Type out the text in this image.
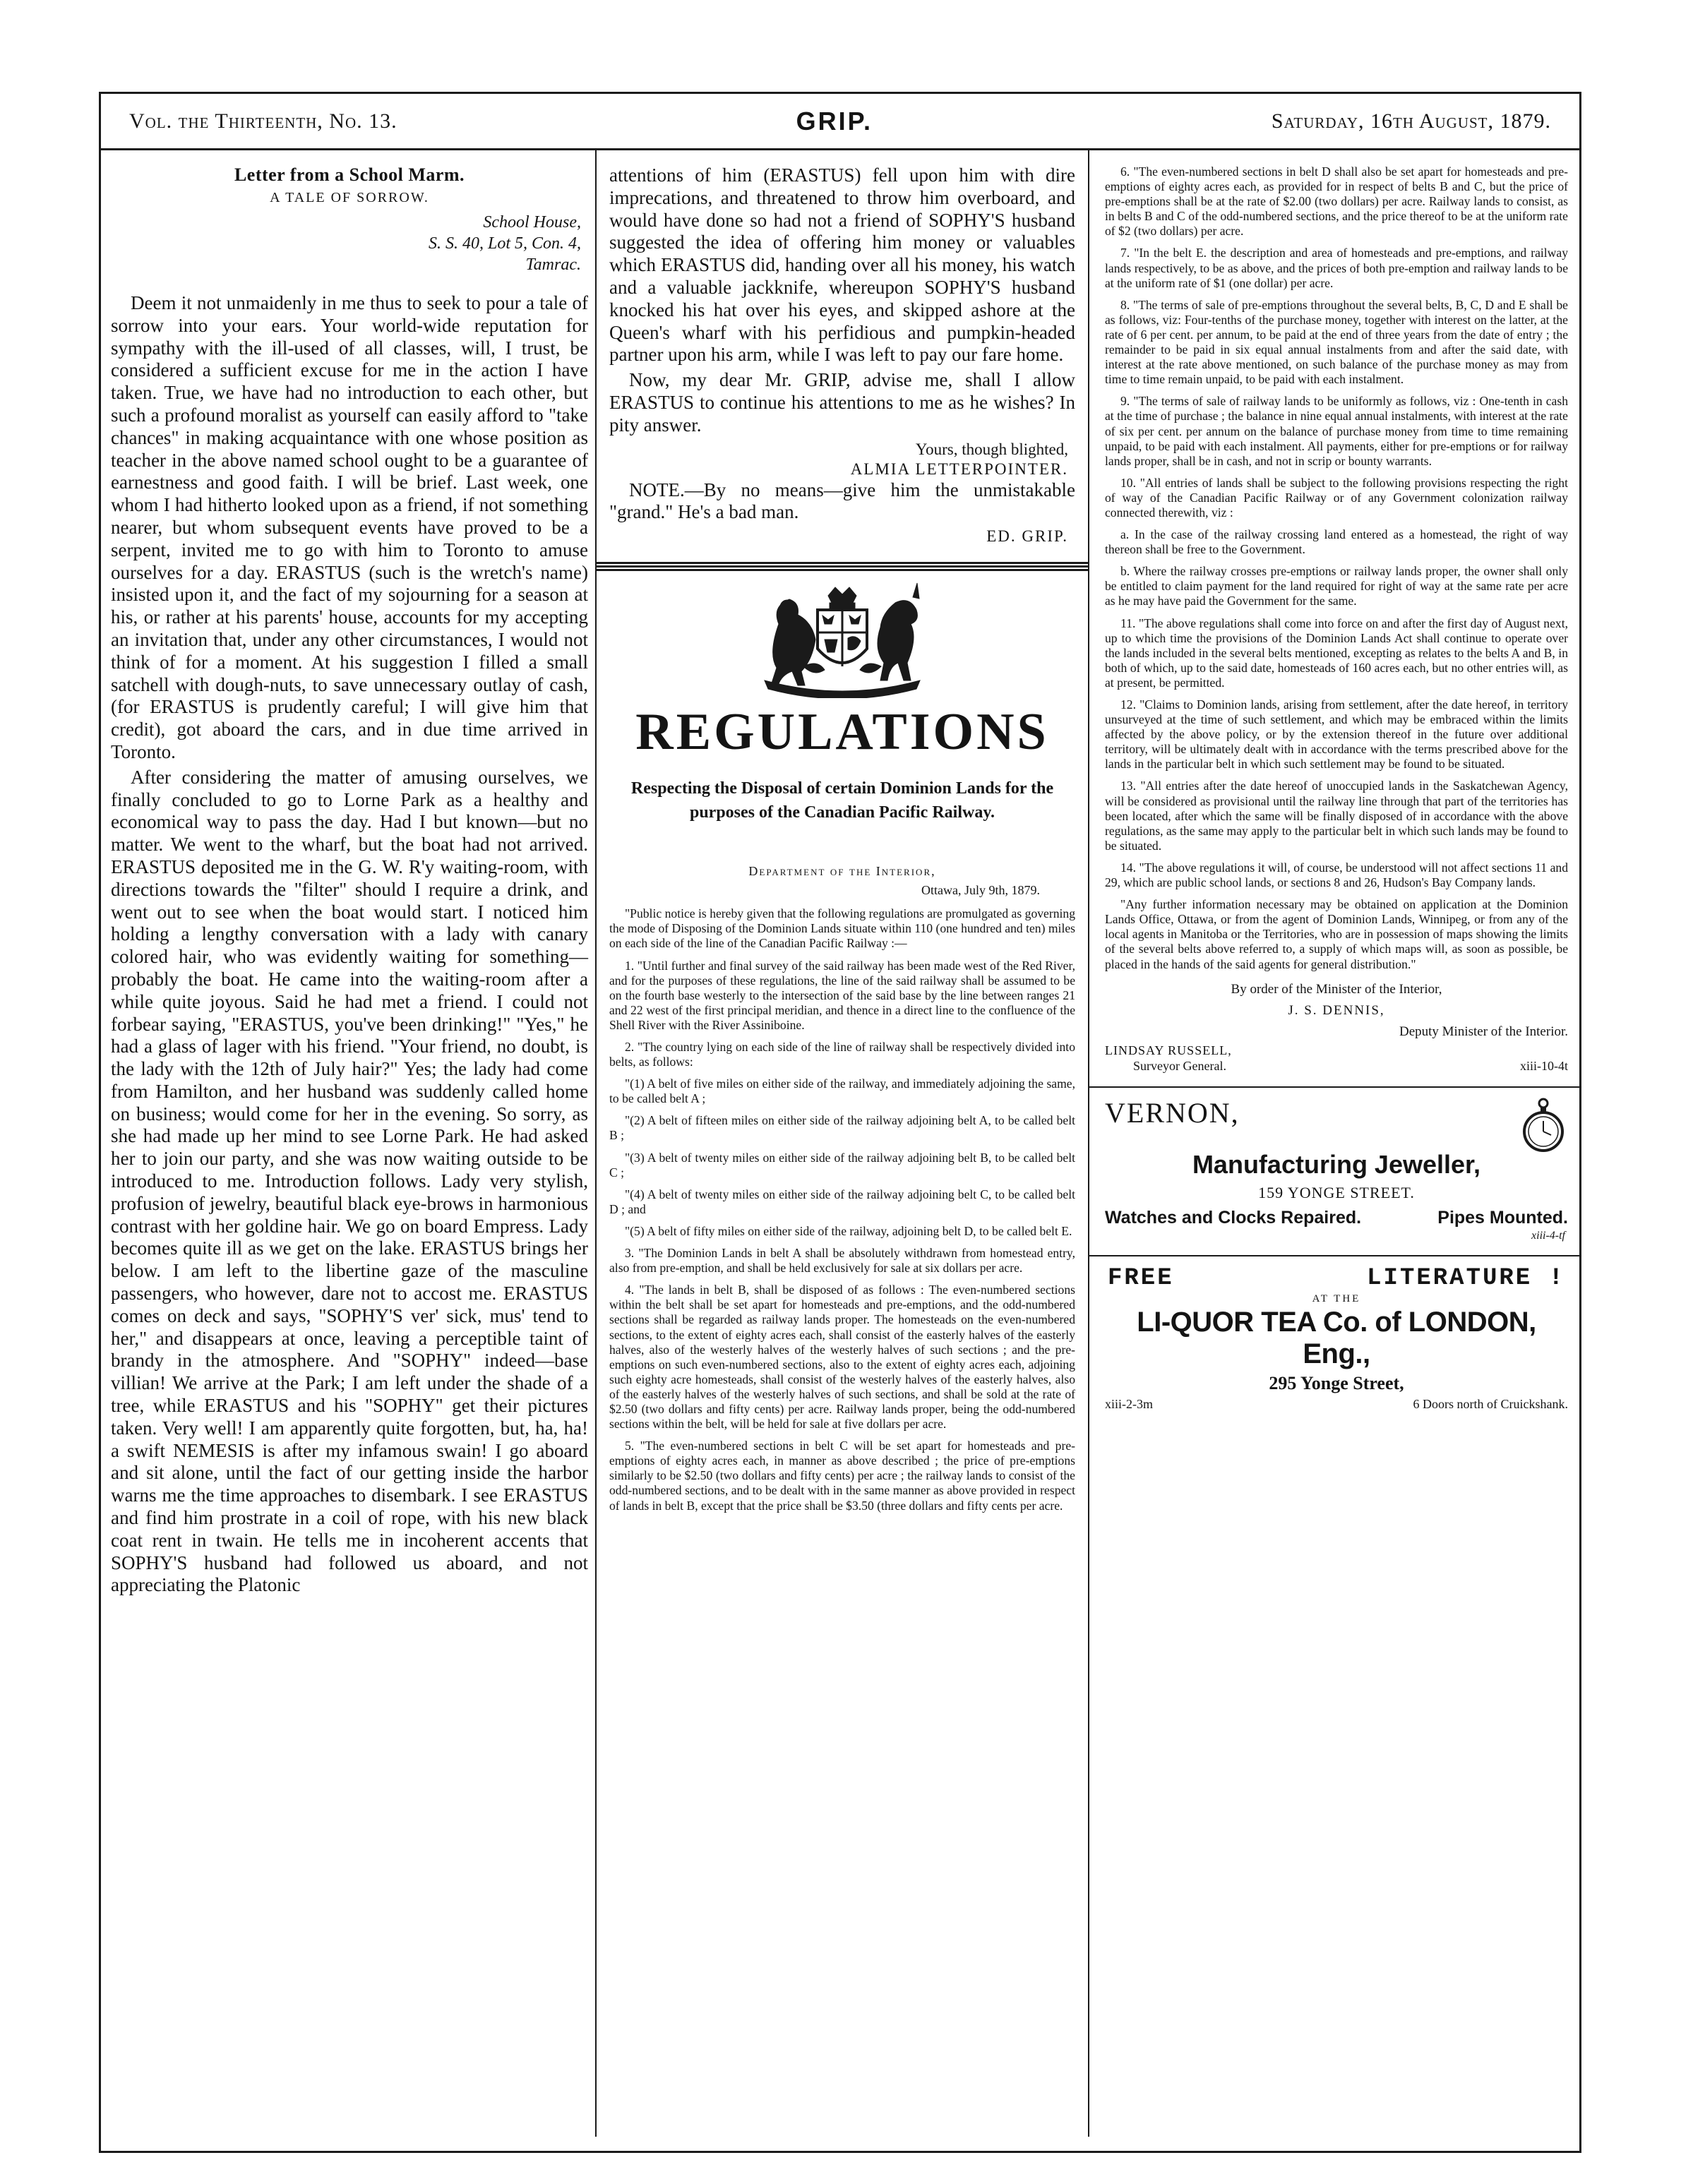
Vol. the Thirteenth, No. 13.	GRIP.	Saturday, 16th August, 1879.
Letter from a School Marm.
A TALE OF SORROW.
School House,
S. S. 40, Lot 5, Con. 4,
Tamrac.

Deem it not unmaidenly in me thus to seek to pour a tale of sorrow into your ears. Your world-wide reputation for sympathy with the ill-used of all classes, will, I trust, be considered a sufficient excuse for me in the action I have taken. True, we have had no introduction to each other, but such a profound moralist as yourself can easily afford to "take chances" in making acquaintance with one whose position as teacher in the above named school ought to be a guarantee of earnestness and good faith. I will be brief. Last week, one whom I had hitherto looked upon as a friend, if not something nearer, but whom subsequent events have proved to be a serpent, invited me to go with him to Toronto to amuse ourselves for a day. ERASTUS (such is the wretch's name) insisted upon it, and the fact of my sojourning for a season at his, or rather at his parents' house, accounts for my accepting an invitation that, under any other circumstances, I would not think of for a moment. At his suggestion I filled a small satchell with dough-nuts, to save unnecessary outlay of cash, (for ERASTUS is prudently careful; I will give him that credit), got aboard the cars, and in due time arrived in Toronto.

After considering the matter of amusing ourselves, we finally concluded to go to Lorne Park as a healthy and economical way to pass the day. Had I but known—but no matter. We went to the wharf, but the boat had not arrived. ERASTUS deposited me in the G. W. R'y waiting-room, with directions towards the "filter" should I require a drink, and went out to see when the boat would start. I noticed him holding a lengthy conversation with a lady with canary colored hair, who was evidently waiting for something—probably the boat. He came into the waiting-room after a while quite joyous. Said he had met a friend. I could not forbear saying, "ERASTUS, you've been drinking!" "Yes," he had a glass of lager with his friend. "Your friend, no doubt, is the lady with the 12th of July hair?" Yes; the lady had come from Hamilton, and her husband was suddenly called home on business; would come for her in the evening. So sorry, as she had made up her mind to see Lorne Park. He had asked her to join our party, and she was now waiting outside to be introduced to me. Introduction follows. Lady very stylish, profusion of jewelry, beautiful black eye-brows in harmonious contrast with her goldine hair. We go on board Empress. Lady becomes quite ill as we get on the lake. ERASTUS brings her below. I am left to the libertine gaze of the masculine passengers, who however, dare not to accost me. ERASTUS comes on deck and says, "SOPHY'S ver' sick, mus' tend to her," and disappears at once, leaving a perceptible taint of brandy in the atmosphere. And "SOPHY" indeed—base villian! We arrive at the Park; I am left under the shade of a tree, while ERASTUS and his "SOPHY" get their pictures taken. Very well! I am apparently quite forgotten, but, ha, ha! a swift NEMESIS is after my infamous swain! I go aboard and sit alone, until the fact of our getting inside the harbor warns me the time approaches to disembark. I see ERASTUS and find him prostrate in a coil of rope, with his new black coat rent in twain. He tells me in incoherent accents that SOPHY'S husband had followed us aboard, and not appreciating the Platonic

attentions of him (ERASTUS) fell upon him with dire imprecations, and threatened to throw him overboard, and would have done so had not a friend of SOPHY'S husband suggested the idea of offering him money or valuables which ERASTUS did, handing over all his money, his watch and a valuable jackknife, whereupon SOPHY'S husband knocked his hat over his eyes, and skipped ashore at the Queen's wharf with his perfidious and pumpkin-headed partner upon his arm, while I was left to pay our fare home.

Now, my dear Mr. GRIP, advise me, shall I allow ERASTUS to continue his attentions to me as he wishes? In pity answer.

Yours, though blighted,
ALMIA LETTERPOINTER.

NOTE.—By no means—give him the unmistakable "grand." He's a bad man.

ED. GRIP.
REGULATIONS
Respecting the Disposal of certain Dominion Lands for the purposes of the Canadian Pacific Railway.
Department of the Interior,
Ottawa, July 9th, 1879.

"Public notice is hereby given that the following regulations are promulgated as governing the mode of Disposing of the Dominion Lands situate within 110 (one hundred and ten) miles on each side of the line of the Canadian Pacific Railway :—

1. "Until further and final survey of the said railway has been made west of the Red River, and for the purposes of these regulations, the line of the said railway shall be assumed to be on the fourth base westerly to the intersection of the said base by the line between ranges 21 and 22 west of the first principal meridian, and thence in a direct line to the confluence of the Shell River with the River Assiniboine.

2. "The country lying on each side of the line of railway shall be respectively divided into belts, as follows:

"(1) A belt of five miles on either side of the railway, and immediately adjoining the same, to be called belt A ;

"(2) A belt of fifteen miles on either side of the railway adjoining belt A, to be called belt B ;

"(3) A belt of twenty miles on either side of the railway adjoining belt B, to be called belt C ;

"(4) A belt of twenty miles on either side of the railway adjoining belt C, to be called belt D ; and

"(5) A belt of fifty miles on either side of the railway, adjoining belt D, to be called belt E.

3. "The Dominion Lands in belt A shall be absolutely withdrawn from homestead entry, also from pre-emption, and shall be held exclusively for sale at six dollars per acre.

4. "The lands in belt B, shall be disposed of as follows : The even-numbered sections within the belt shall be set apart for homesteads and pre-emptions, and the odd-numbered sections shall be regarded as railway lands proper. The homesteads on the even-numbered sections, to the extent of eighty acres each, shall consist of the easterly halves of the easterly halves, also of the westerly halves of the westerly halves of such sections ; and the pre-emptions on such even-numbered sections, also to the extent of eighty acres each, adjoining such eighty acre homesteads, shall consist of the westerly halves of the easterly halves, also of the easterly halves of the westerly halves of such sections, and shall be sold at the rate of $2.50 (two dollars and fifty cents) per acre. Railway lands proper, being the odd-numbered sections within the belt, will be held for sale at five dollars per acre.

5. "The even-numbered sections in belt C will be set apart for homesteads and pre-emptions of eighty acres each, in manner as above described ; the price of pre-emptions similarly to be $2.50 (two dollars and fifty cents) per acre ; the railway lands to consist of the odd-numbered sections, and to be dealt with in the same manner as above provided in respect of lands in belt B, except that the price shall be $3.50 (three dollars and fifty cents per acre.

6. "The even-numbered sections in belt D shall also be set apart for homesteads and pre-emptions of eighty acres each, as provided for in respect of belts B and C, but the price of pre-emptions shall be at the rate of $2.00 (two dollars) per acre. Railway lands to consist, as in belts B and C of the odd-numbered sections, and the price thereof to be at the uniform rate of $2 (two dollars) per acre.

7. "In the belt E. the description and area of homesteads and pre-emptions, and railway lands respectively, to be as above, and the prices of both pre-emption and railway lands to be at the uniform rate of $1 (one dollar) per acre.

8. "The terms of sale of pre-emptions throughout the several belts, B, C, D and E shall be as follows, viz: Four-tenths of the purchase money, together with interest on the latter, at the rate of 6 per cent. per annum, to be paid at the end of three years from the date of entry ; the remainder to be paid in six equal annual instalments from and after the said date, with interest at the rate above mentioned, on such balance of the purchase money as may from time to time remain unpaid, to be paid with each instalment.

9. "The terms of sale of railway lands to be uniformly as follows, viz : One-tenth in cash at the time of purchase ; the balance in nine equal annual instalments, with interest at the rate of six per cent. per annum on the balance of purchase money from time to time remaining unpaid, to be paid with each instalment. All payments, either for pre-emptions or for railway lands proper, shall be in cash, and not in scrip or bounty warrants.

10. "All entries of lands shall be subject to the following provisions respecting the right of way of the Canadian Pacific Railway or of any Government colonization railway connected therewith, viz :

a. In the case of the railway crossing land entered as a homestead, the right of way thereon shall be free to the Government.

b. Where the railway crosses pre-emptions or railway lands proper, the owner shall only be entitled to claim payment for the land required for right of way at the same rate per acre as he may have paid the Government for the same.

11. "The above regulations shall come into force on and after the first day of August next, up to which time the provisions of the Dominion Lands Act shall continue to operate over the lands included in the several belts mentioned, excepting as relates to the belts A and B, in both of which, up to the said date, homesteads of 160 acres each, but no other entries will, as at present, be permitted.

12. "Claims to Dominion lands, arising from settlement, after the date hereof, in territory unsurveyed at the time of such settlement, and which may be embraced within the limits affected by the above policy, or by the extension thereof in the future over additional territory, will be ultimately dealt with in accordance with the terms prescribed above for the lands in the particular belt in which such settlement may be found to be situated.

13. "All entries after the date hereof of unoccupied lands in the Saskatchewan Agency, will be considered as provisional until the railway line through that part of the territories has been located, after which the same will be finally disposed of in accordance with the above regulations, as the same may apply to the particular belt in which such lands may be found to be situated.

14. "The above regulations it will, of course, be understood will not affect sections 11 and 29, which are public school lands, or sections 8 and 26, Hudson's Bay Company lands.

"Any further information necessary may be obtained on application at the Dominion Lands Office, Ottawa, or from the agent of Dominion Lands, Winnipeg, or from any of the local agents in Manitoba or the Territories, who are in possession of maps showing the limits of the several belts above referred to, a supply of which maps will, as soon as possible, be placed in the hands of the said agents for general distribution."

By order of the Minister of the Interior,
J. S. DENNIS,
Deputy Minister of the Interior.
LINDSAY RUSSELL,
Surveyor General.	xiii-10-4t
VERNON,
Manufacturing Jeweller,
159 YONGE STREET.
Watches and Clocks Repaired.	Pipes Mounted.
xiii-4-tf
FREE	LITERATURE !
AT THE
LI-QUOR TEA Co. of LONDON, Eng.,
295 Yonge Street,
xiii-2-3m	6 Doors north of Cruickshank.
